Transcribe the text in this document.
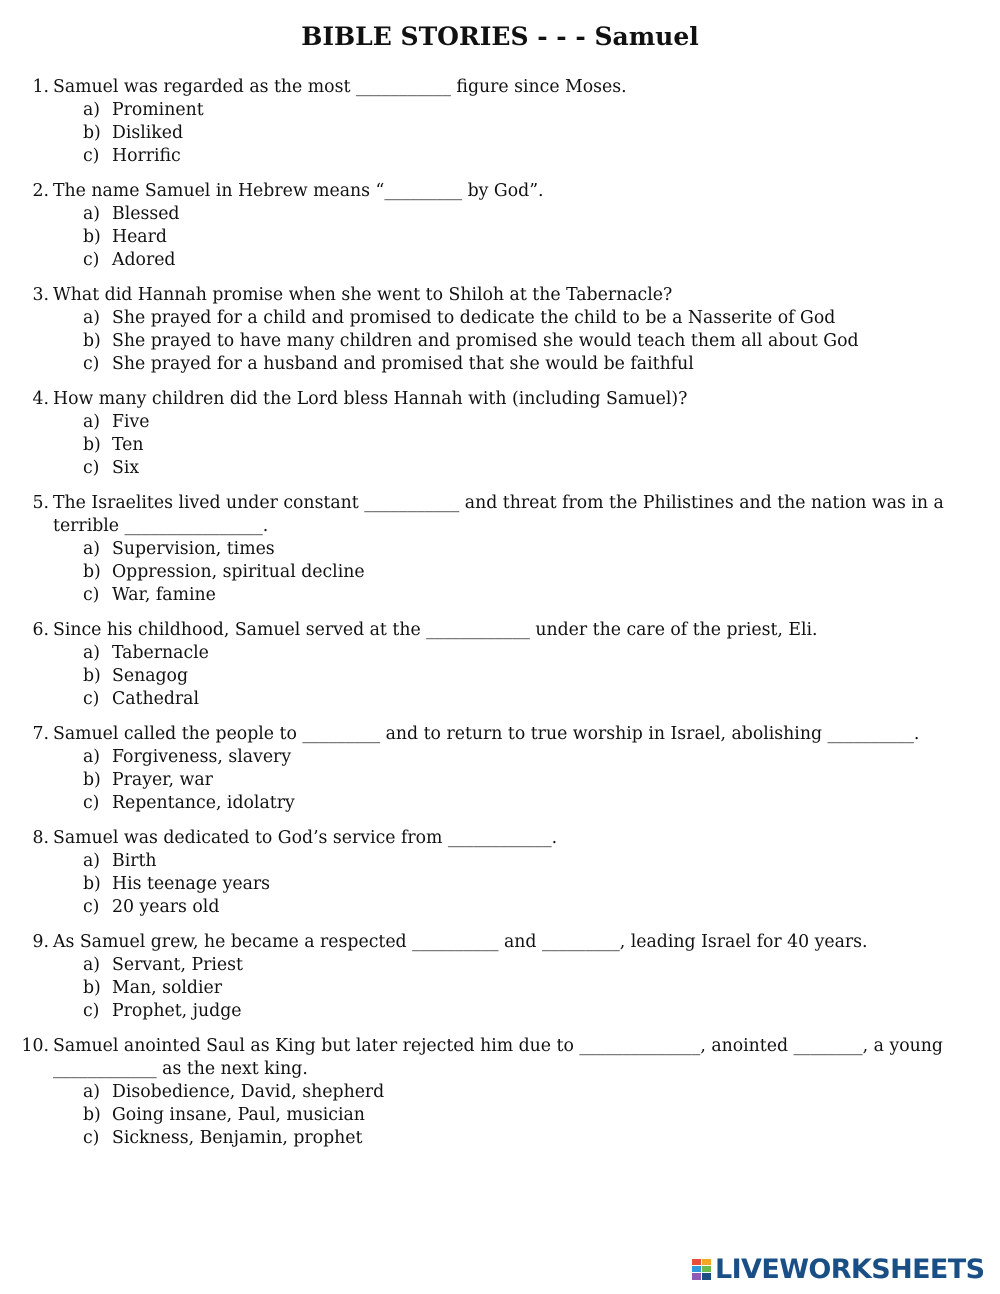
BIBLE STORIES - - - Samuel
1. Samuel was regarded as the most ___________ figure since Moses.
a) Prominent
b) Disliked
c) Horrific
2. The name Samuel in Hebrew means “_________ by God”.
a) Blessed
b) Heard
c) Adored
3. What did Hannah promise when she went to Shiloh at the Tabernacle?
a) She prayed for a child and promised to dedicate the child to be a Nasserite of God
b) She prayed to have many children and promised she would teach them all about God
c) She prayed for a husband and promised that she would be faithful
4. How many children did the Lord bless Hannah with (including Samuel)?
a) Five
b) Ten
c) Six
5. The Israelites lived under constant ___________ and threat from the Philistines and the nation was in a terrible ________________.
a) Supervision, times
b) Oppression, spiritual decline
c) War, famine
6. Since his childhood, Samuel served at the ____________ under the care of the priest, Eli.
a) Tabernacle
b) Senagog
c) Cathedral
7. Samuel called the people to _________ and to return to true worship in Israel, abolishing __________.
a) Forgiveness, slavery
b) Prayer, war
c) Repentance, idolatry
8. Samuel was dedicated to God’s service from ____________.
a) Birth
b) His teenage years
c) 20 years old
9. As Samuel grew, he became a respected __________ and _________, leading Israel for 40 years.
a) Servant, Priest
b) Man, soldier
c) Prophet, judge
10. Samuel anointed Saul as King but later rejected him due to ______________, anointed ________, a young ____________ as the next king.
a) Disobedience, David, shepherd
b) Going insane, Paul, musician
c) Sickness, Benjamin, prophet
LIVEWORKSHEETS
